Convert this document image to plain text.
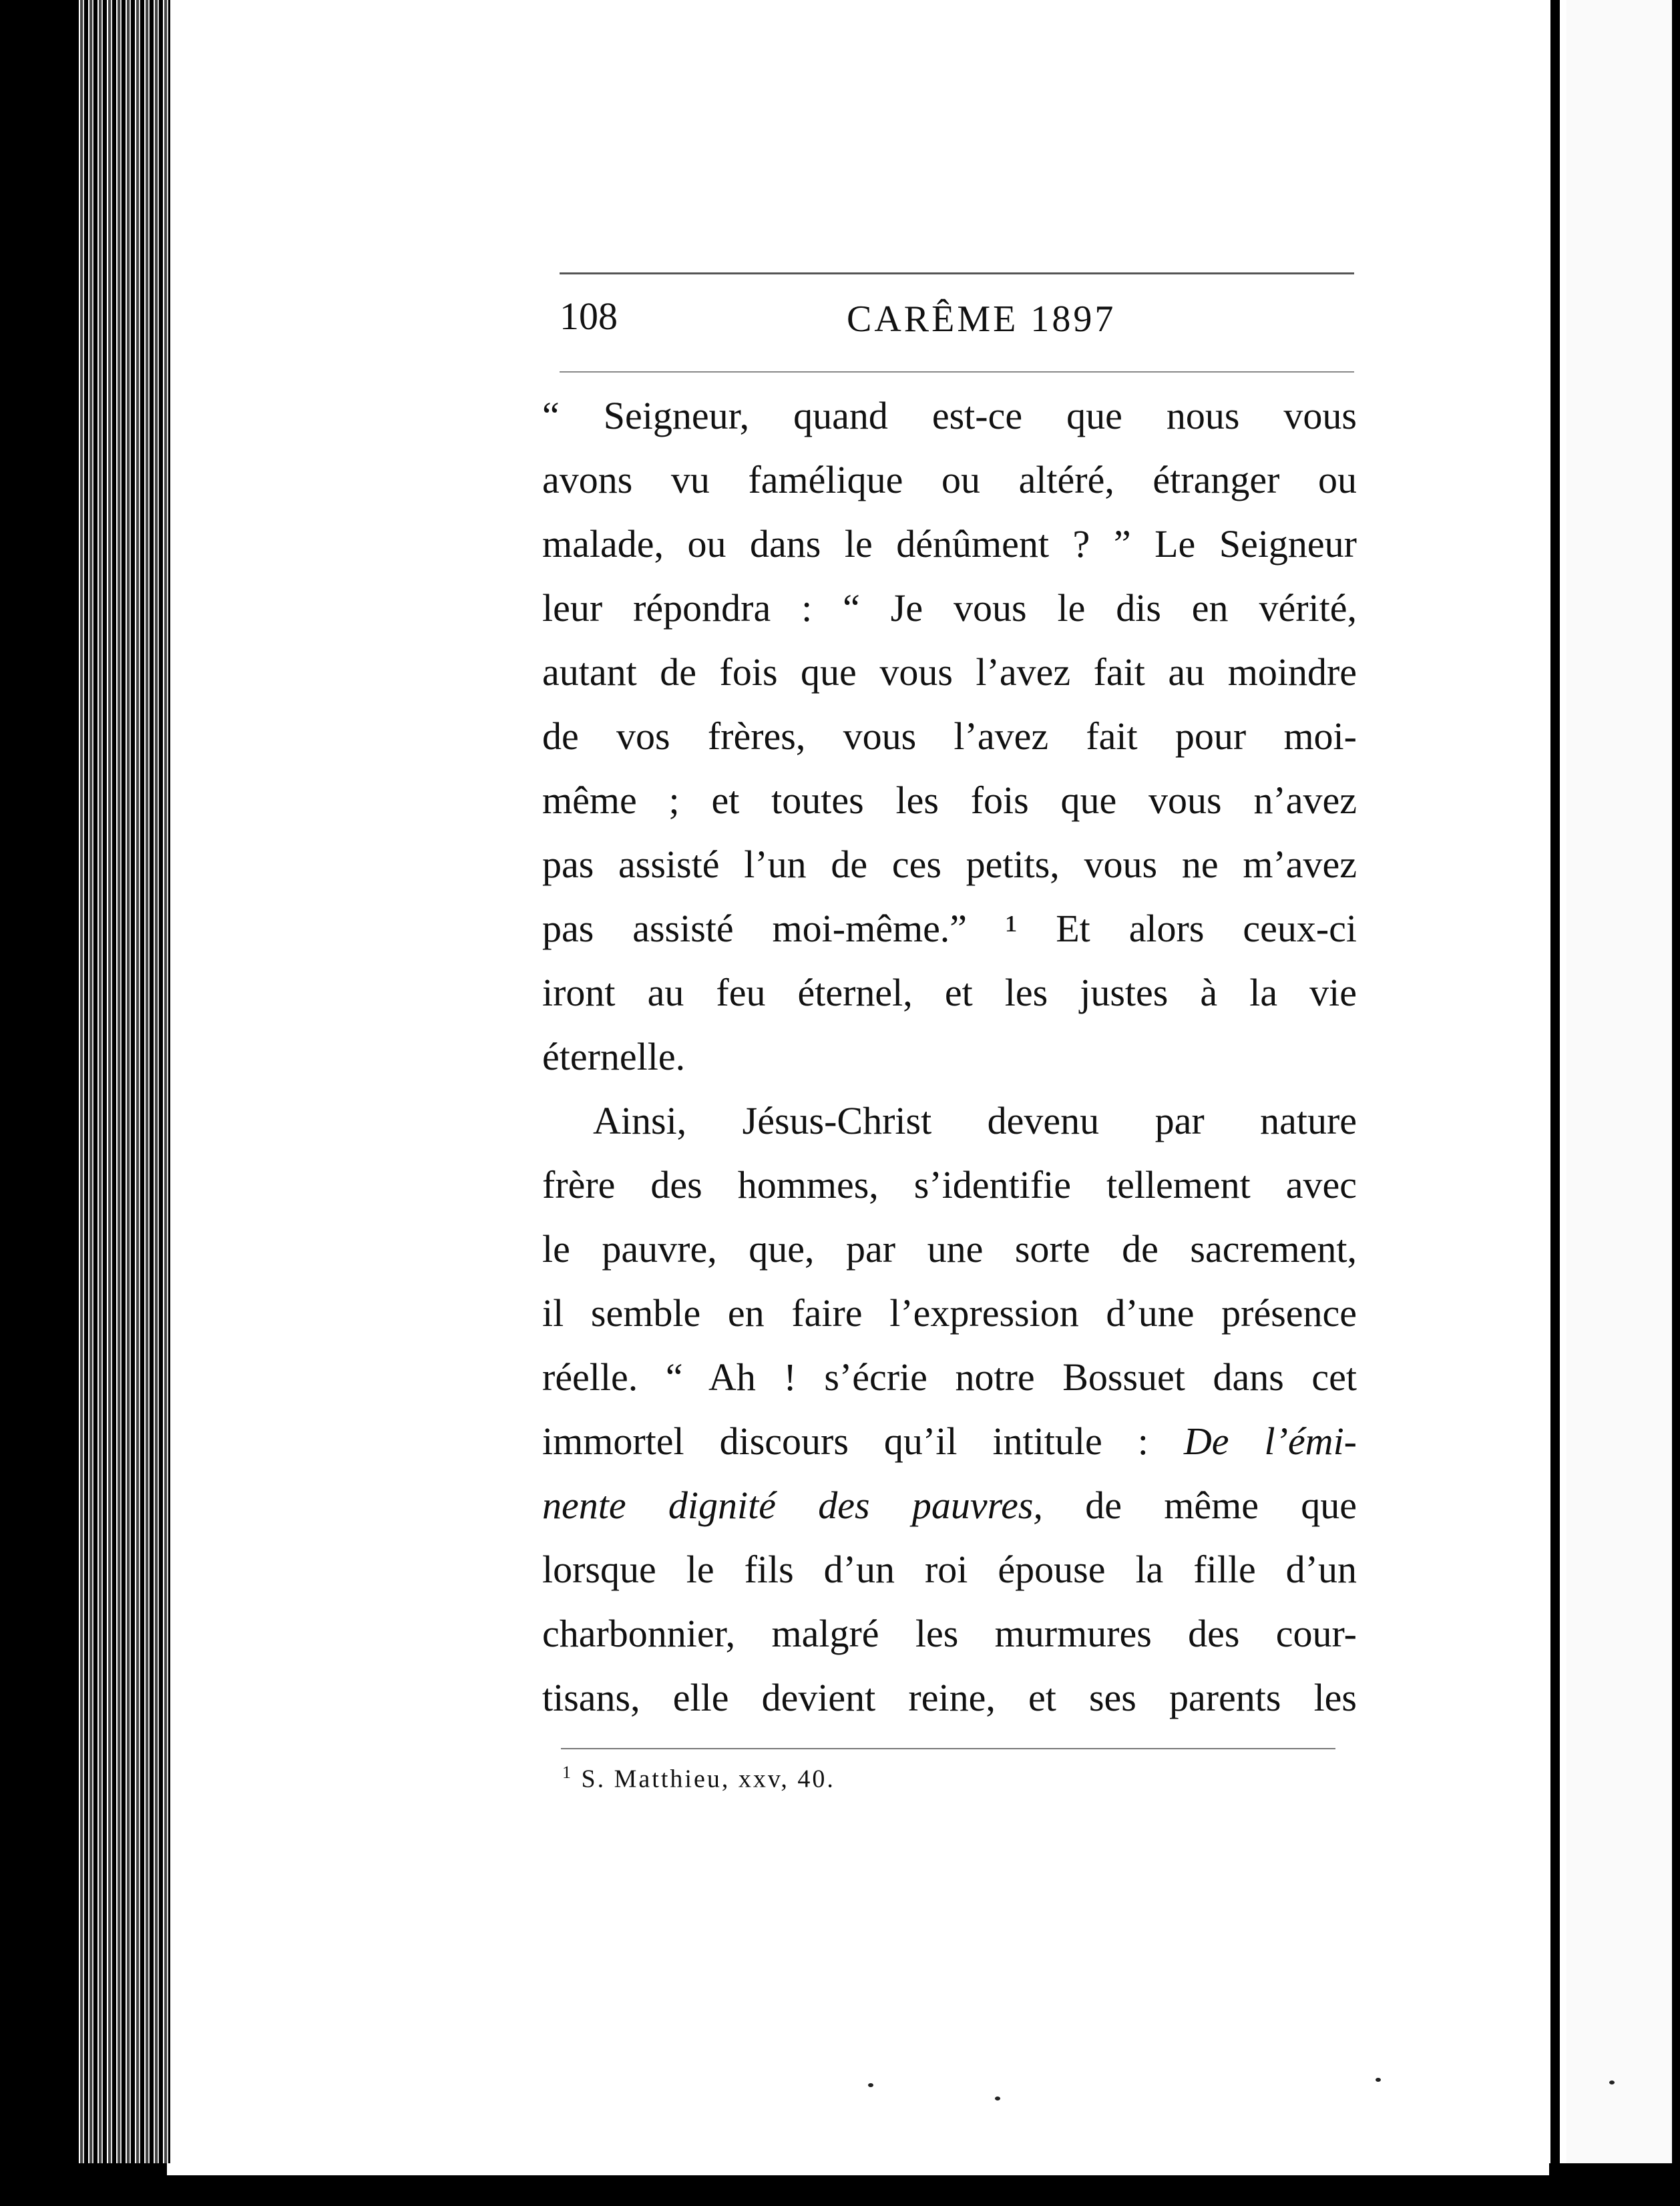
108	CARÊME 1897
“ Seigneur, quand est-ce que nous vous
avons vu famélique ou altéré, étranger ou
malade, ou dans le dénûment ? ” Le Seigneur
leur répondra : “ Je vous le dis en vérité,
autant de fois que vous l’avez fait au moindre
de vos frères, vous l’avez fait pour moi-
même ; et toutes les fois que vous n’avez
pas assisté l’un de ces petits, vous ne m’avez
pas assisté moi-même.” ¹ Et alors ceux-ci
iront au feu éternel, et les justes à la vie
éternelle.
Ainsi, Jésus-Christ devenu par nature
frère des hommes, s’identifie tellement avec
le pauvre, que, par une sorte de sacrement,
il semble en faire l’expression d’une présence
réelle. “ Ah ! s’écrie notre Bossuet dans cet
immortel discours qu’il intitule : De l’émi-
nente dignité des pauvres, de même que
lorsque le fils d’un roi épouse la fille d’un
charbonnier, malgré les murmures des cour-
tisans, elle devient reine, et ses parents les
$^1$ S. Matthieu, xxv, 40.
